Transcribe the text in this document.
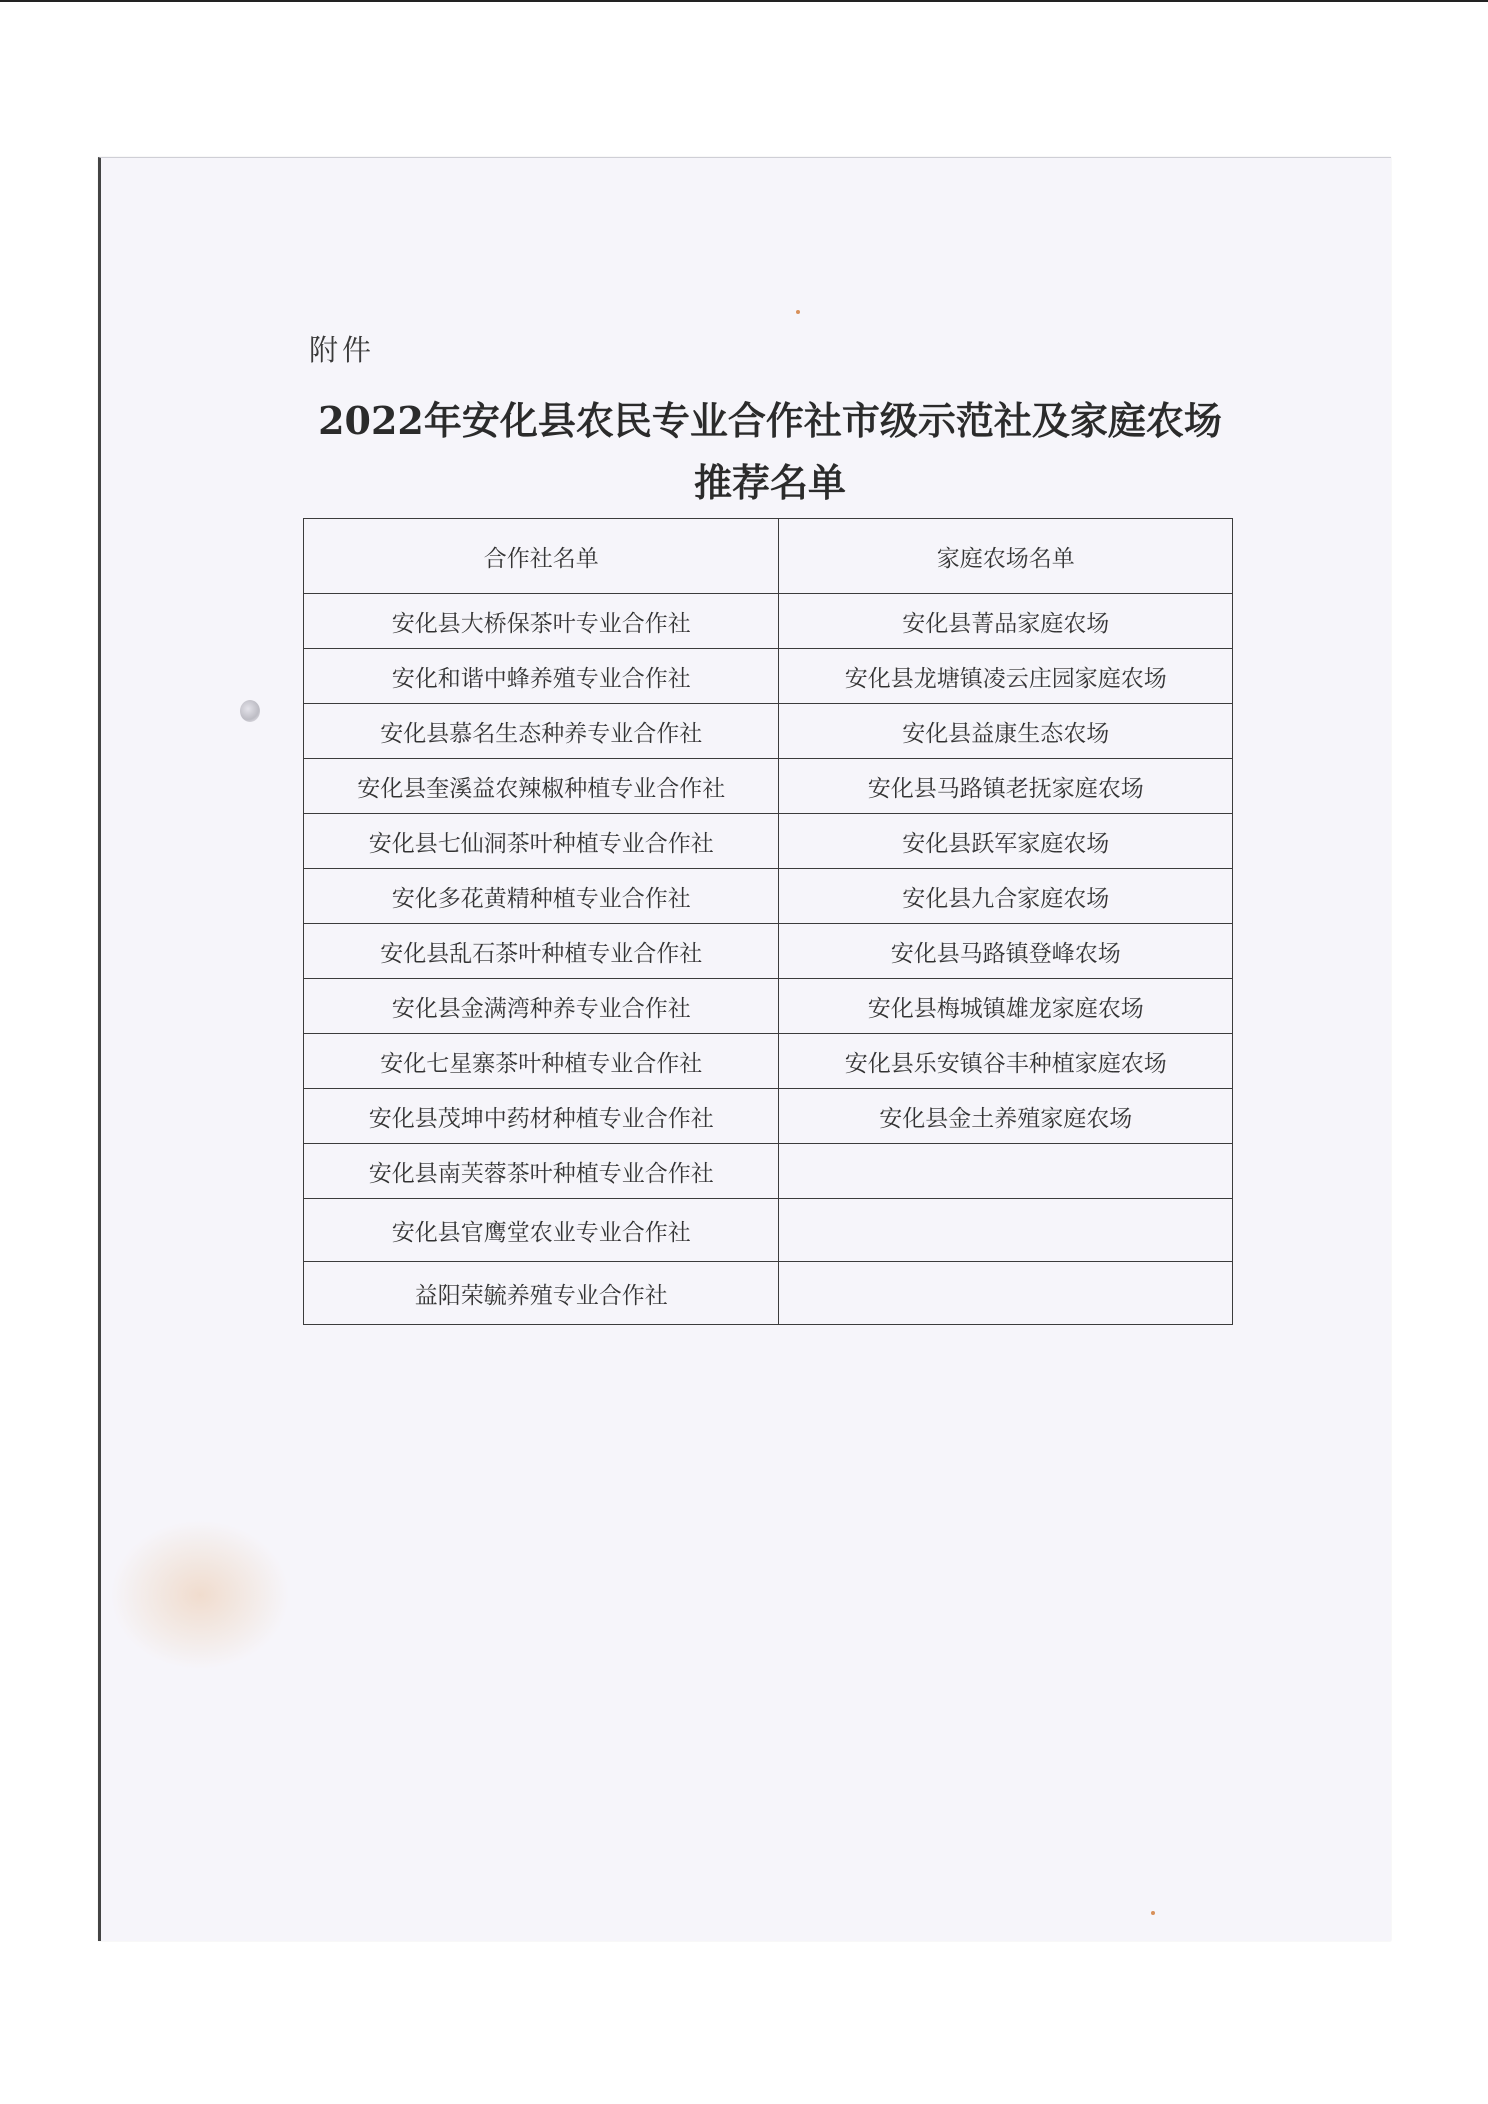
附件
2022年安化县农民专业合作社市级示范社及家庭农场
推荐名单
合作社名单	家庭农场名单
安化县大桥保茶叶专业合作社	安化县菁品家庭农场
安化和谐中蜂养殖专业合作社	安化县龙塘镇凌云庄园家庭农场
安化县慕名生态种养专业合作社	安化县益康生态农场
安化县奎溪益农辣椒种植专业合作社	安化县马路镇老抚家庭农场
安化县七仙洞茶叶种植专业合作社	安化县跃军家庭农场
安化多花黄精种植专业合作社	安化县九合家庭农场
安化县乱石茶叶种植专业合作社	安化县马路镇登峰农场
安化县金满湾种养专业合作社	安化县梅城镇雄龙家庭农场
安化七星寨茶叶种植专业合作社	安化县乐安镇谷丰种植家庭农场
安化县茂坤中药材种植专业合作社	安化县金土养殖家庭农场
安化县南芙蓉茶叶种植专业合作社	
安化县官鹰堂农业专业合作社	
益阳荣毓养殖专业合作社	
